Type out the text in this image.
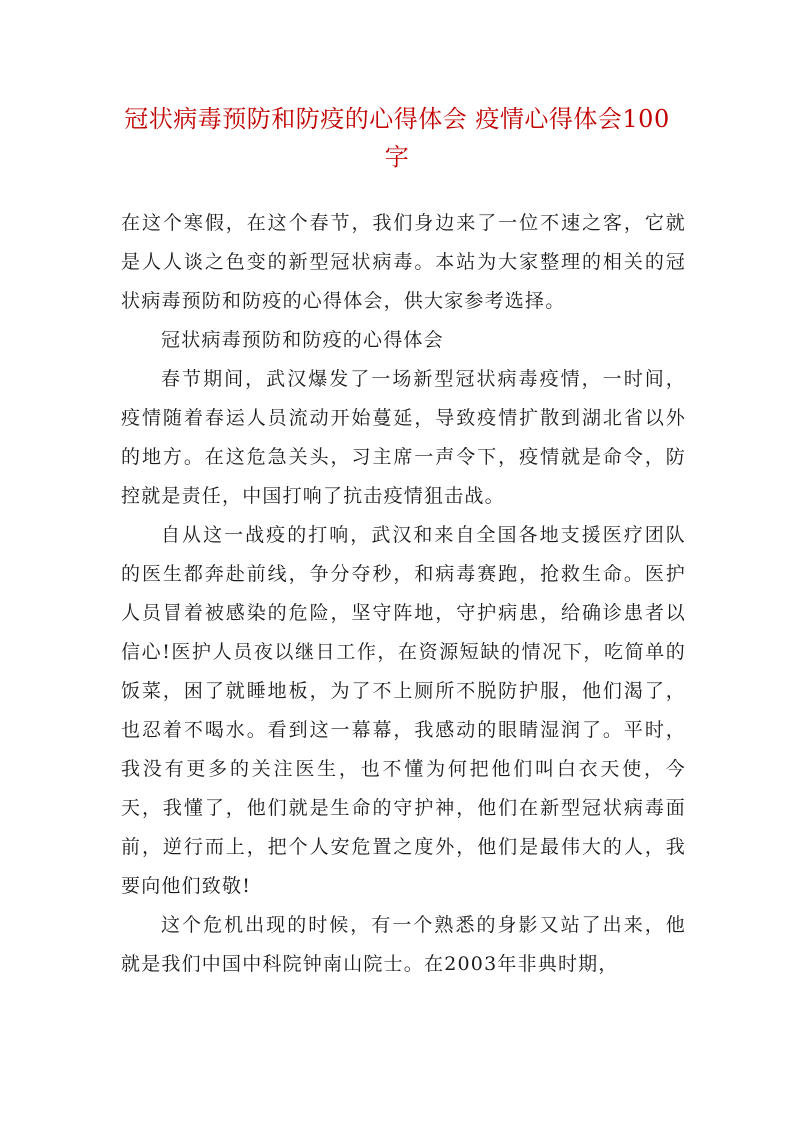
冠状病毒预防和防疫的心得体会 疫情心得体会100
字

在这个寒假，在这个春节，我们身边来了一位不速之客，它就是人人谈之色变的新型冠状病毒。本站为大家整理的相关的冠状病毒预防和防疫的心得体会，供大家参考选择。

冠状病毒预防和防疫的心得体会

春节期间，武汉爆发了一场新型冠状病毒疫情，一时间，疫情随着春运人员流动开始蔓延，导致疫情扩散到湖北省以外的地方。在这危急关头，习主席一声令下，疫情就是命令，防控就是责任，中国打响了抗击疫情狙击战。

自从这一战疫的打响，武汉和来自全国各地支援医疗团队的医生都奔赴前线，争分夺秒，和病毒赛跑，抢救生命。医护人员冒着被感染的危险，坚守阵地，守护病患，给确诊患者以信心!医护人员夜以继日工作，在资源短缺的情况下，吃简单的饭菜，困了就睡地板，为了不上厕所不脱防护服，他们渴了，也忍着不喝水。看到这一幕幕，我感动的眼睛湿润了。平时，我没有更多的关注医生，也不懂为何把他们叫白衣天使，今天，我懂了，他们就是生命的守护神，他们在新型冠状病毒面前，逆行而上，把个人安危置之度外，他们是最伟大的人，我要向他们致敬!

这个危机出现的时候，有一个熟悉的身影又站了出来，他就是我们中国中科院钟南山院士。在2003年非典时期，
